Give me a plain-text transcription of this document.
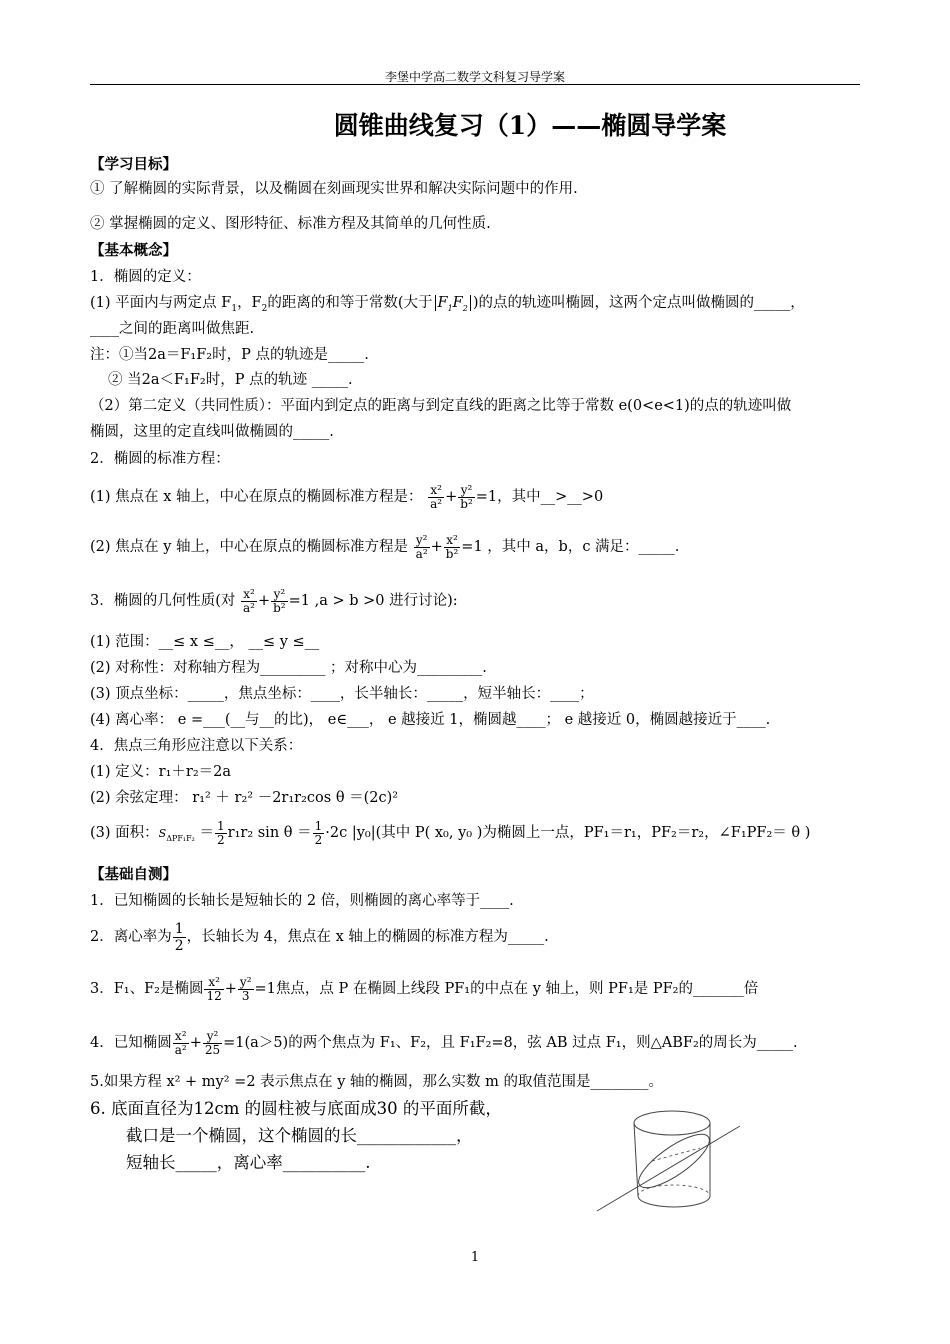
李堡中学高二数学文科复习导学案
圆锥曲线复习（1）——椭圆导学案
【学习目标】
① 了解椭圆的实际背景，以及椭圆在刻画现实世界和解决实际问题中的作用.
② 掌握椭圆的定义、图形特征、标准方程及其简单的几何性质.
【基本概念】
1．椭圆的定义：
(1) 平面内与两定点 $F_1$，$F_2$的距离的和等于常数(大于 $F_1F_2$ )的点的轨迹叫椭圆，这两个定点叫做椭圆的_____，
____之间的距离叫做焦距.
注：①当2a＝F₁F₂时，P 点的轨迹是_____.
② 当2a＜F₁F₂时，P 点的轨迹 _____.
（2）第二定义（共同性质）：平面内到定点的距离与到定直线的距离之比等于常数 e(0<e<1)的点的轨迹叫做
椭圆，这里的定直线叫做椭圆的_____.
2．椭圆的标准方程：
(1) 焦点在 x 轴上，中心在原点的椭圆标准方程是： $\frac{\text{x²}}{\text{a²}} + \frac{\text{y²}}{\text{b²}} =1$，其中__>__>0
(2) 焦点在 y 轴上，中心在原点的椭圆标准方程是 $\frac{\text{y²}}{\text{a²}} + \frac{\text{x²}}{\text{b²}} =1$ ，其中 a，b，c 满足：_____.
3．椭圆的几何性质(对 $\frac{\text{x²}}{\text{a²}} + \frac{\text{y²}}{\text{b²}} =1$ ,a > b >0 进行讨论):
(1) 范围：__≤ x ≤__， __≤ y ≤__
(2) 对称性：对称轴方程为_________ ；对称中心为_________.
(3) 顶点坐标：_____，焦点坐标：____，长半轴长：_____，短半轴长：____；
(4) 离心率： e =___(__与__的比)， e∈___， e 越接近 1，椭圆越____； e 越接近 0，椭圆越接近于____.
4．焦点三角形应注意以下关系：
(1) 定义：r₁＋r₂＝2a
(2) 余弦定理： r₁² ＋ r₂² －2r₁r₂cos θ ＝(2c)²
(3) 面积：$S_{\Delta PF_1F_2} = \frac{1}{2} r_1r_2$ $\sin \theta = \frac{1}{2} \cdot 2c$ |y₀|(其中 P( x₀, y₀ )为椭圆上一点，PF₁＝r₁，PF₂＝r₂，∠F₁PF₂＝ θ )
【基础自测】
1．已知椭圆的长轴长是短轴长的 2 倍，则椭圆的离心率等于____.
2．离心率为 $\frac{1}{2}$ ，长轴长为 4，焦点在 x 轴上的椭圆的标准方程为_____.
3．F₁、F₂是椭圆 $\frac{\text{x²}}{12} + \frac{\text{y²}}{3} =1$焦点，点 P 在椭圆上线段 PF₁的中点在 y 轴上，则 PF₁是 PF₂的_______倍
4．已知椭圆 $\frac{\text{x²}}{\text{a²}} + \frac{\text{y²}}{25} =1(a>5)$的两个焦点为 F₁、F₂，且 F₁F₂=8，弦 AB 过点 F₁，则△ABF₂的周长为_____.
5.如果方程 x² + my² =2 表示焦点在 y 轴的椭圆，那么实数 m 的取值范围是________。
6. 底面直径为12cm 的圆柱被与底面成30 的平面所截，
截口是一个椭圆，这个椭圆的长____________，
短轴长_____，离心率__________.
1
